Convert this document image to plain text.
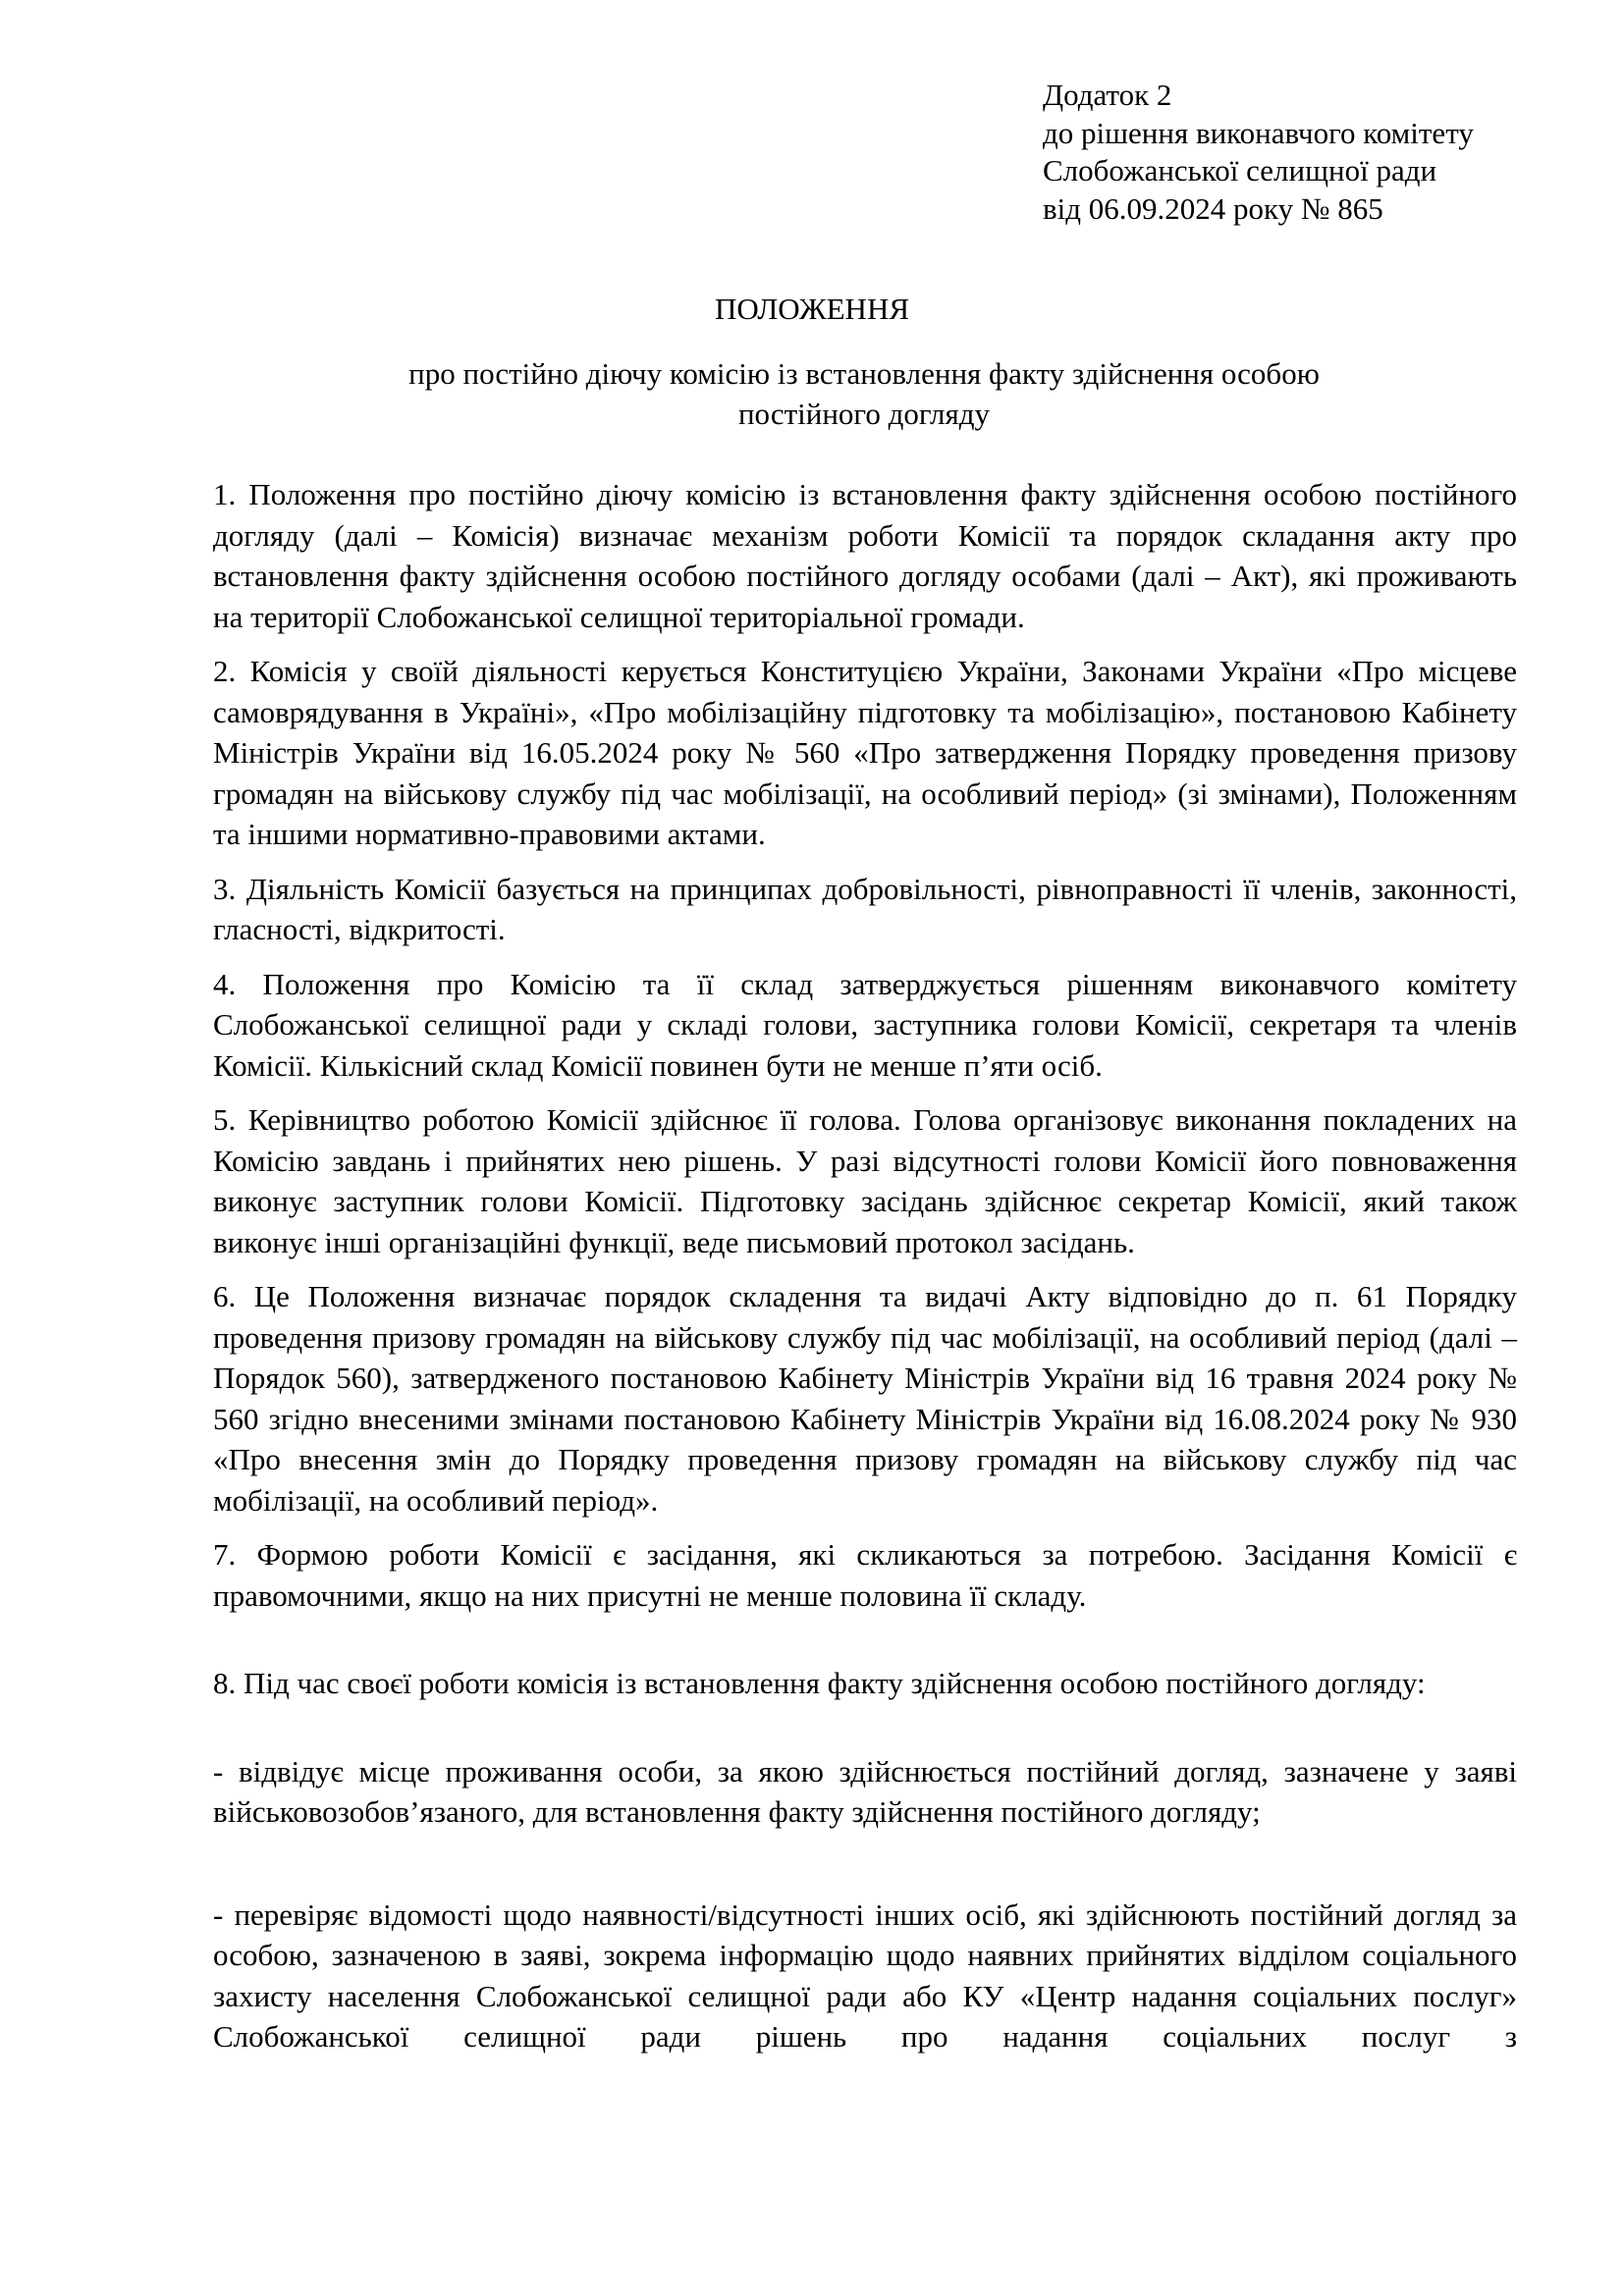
Додаток 2
до рішення виконавчого комітету
Слобожанської селищної ради
від 06.09.2024 року № 865
ПОЛОЖЕННЯ
про постійно діючу комісію із встановлення факту здійснення особою
постійного догляду
1. Положення про постійно діючу комісію із встановлення факту здійснення особою постійного догляду (далі – Комісія) визначає механізм роботи Комісії та порядок складання акту про встановлення факту здійснення особою постійного догляду особами (далі – Акт), які проживають на території Слобожанської селищної територіальної громади.
2. Комісія у своїй діяльності керується Конституцією України, Законами України «Про місцеве самоврядування в Україні», «Про мобілізаційну підготовку та мобілізацію», постановою Кабінету Міністрів України від 16.05.2024 року № 560 «Про затвердження Порядку проведення призову громадян на військову службу під час мобілізації, на особливий період» (зі змінами), Положенням та іншими нормативно-правовими актами.
3. Діяльність Комісії базується на принципах добровільності, рівноправності її членів, законності, гласності, відкритості.
4. Положення про Комісію та її склад затверджується рішенням виконавчого комітету Слобожанської селищної ради у складі голови, заступника голови Комісії, секретаря та членів Комісії. Кількісний склад Комісії повинен бути не менше п’яти осіб.
5. Керівництво роботою Комісії здійснює її голова. Голова організовує виконання покладених на Комісію завдань і прийнятих нею рішень. У разі відсутності голови Комісії його повноваження виконує заступник голови Комісії. Підготовку засідань здійснює секретар Комісії, який також виконує інші організаційні функції, веде письмовий протокол засідань.
6. Це Положення визначає порядок складення та видачі Акту відповідно до п. 61 Порядку проведення призову громадян на військову службу під час мобілізації, на особливий період (далі – Порядок 560), затвердженого постановою Кабінету Міністрів України від 16 травня 2024 року № 560 згідно внесеними змінами постановою Кабінету Міністрів України від 16.08.2024 року № 930 «Про внесення змін до Порядку проведення призову громадян на військову службу під час мобілізації, на особливий період».
7. Формою роботи Комісії є засідання, які скликаються за потребою. Засідання Комісії є правомочними, якщо на них присутні не менше половина її складу.
8. Під час своєї роботи комісія із встановлення факту здійснення особою постійного догляду:
- відвідує місце проживання особи, за якою здійснюється постійний догляд, зазначене у заяві військовозобов’язаного, для встановлення факту здійснення постійного догляду;
- перевіряє відомості щодо наявності/відсутності інших осіб, які здійснюють постійний догляд за особою, зазначеною в заяві, зокрема інформацію щодо наявних прийнятих відділом соціального захисту населення Слобожанської селищної ради або КУ «Центр надання соціальних послуг» Слобожанської селищної ради рішень про надання соціальних послуг з
